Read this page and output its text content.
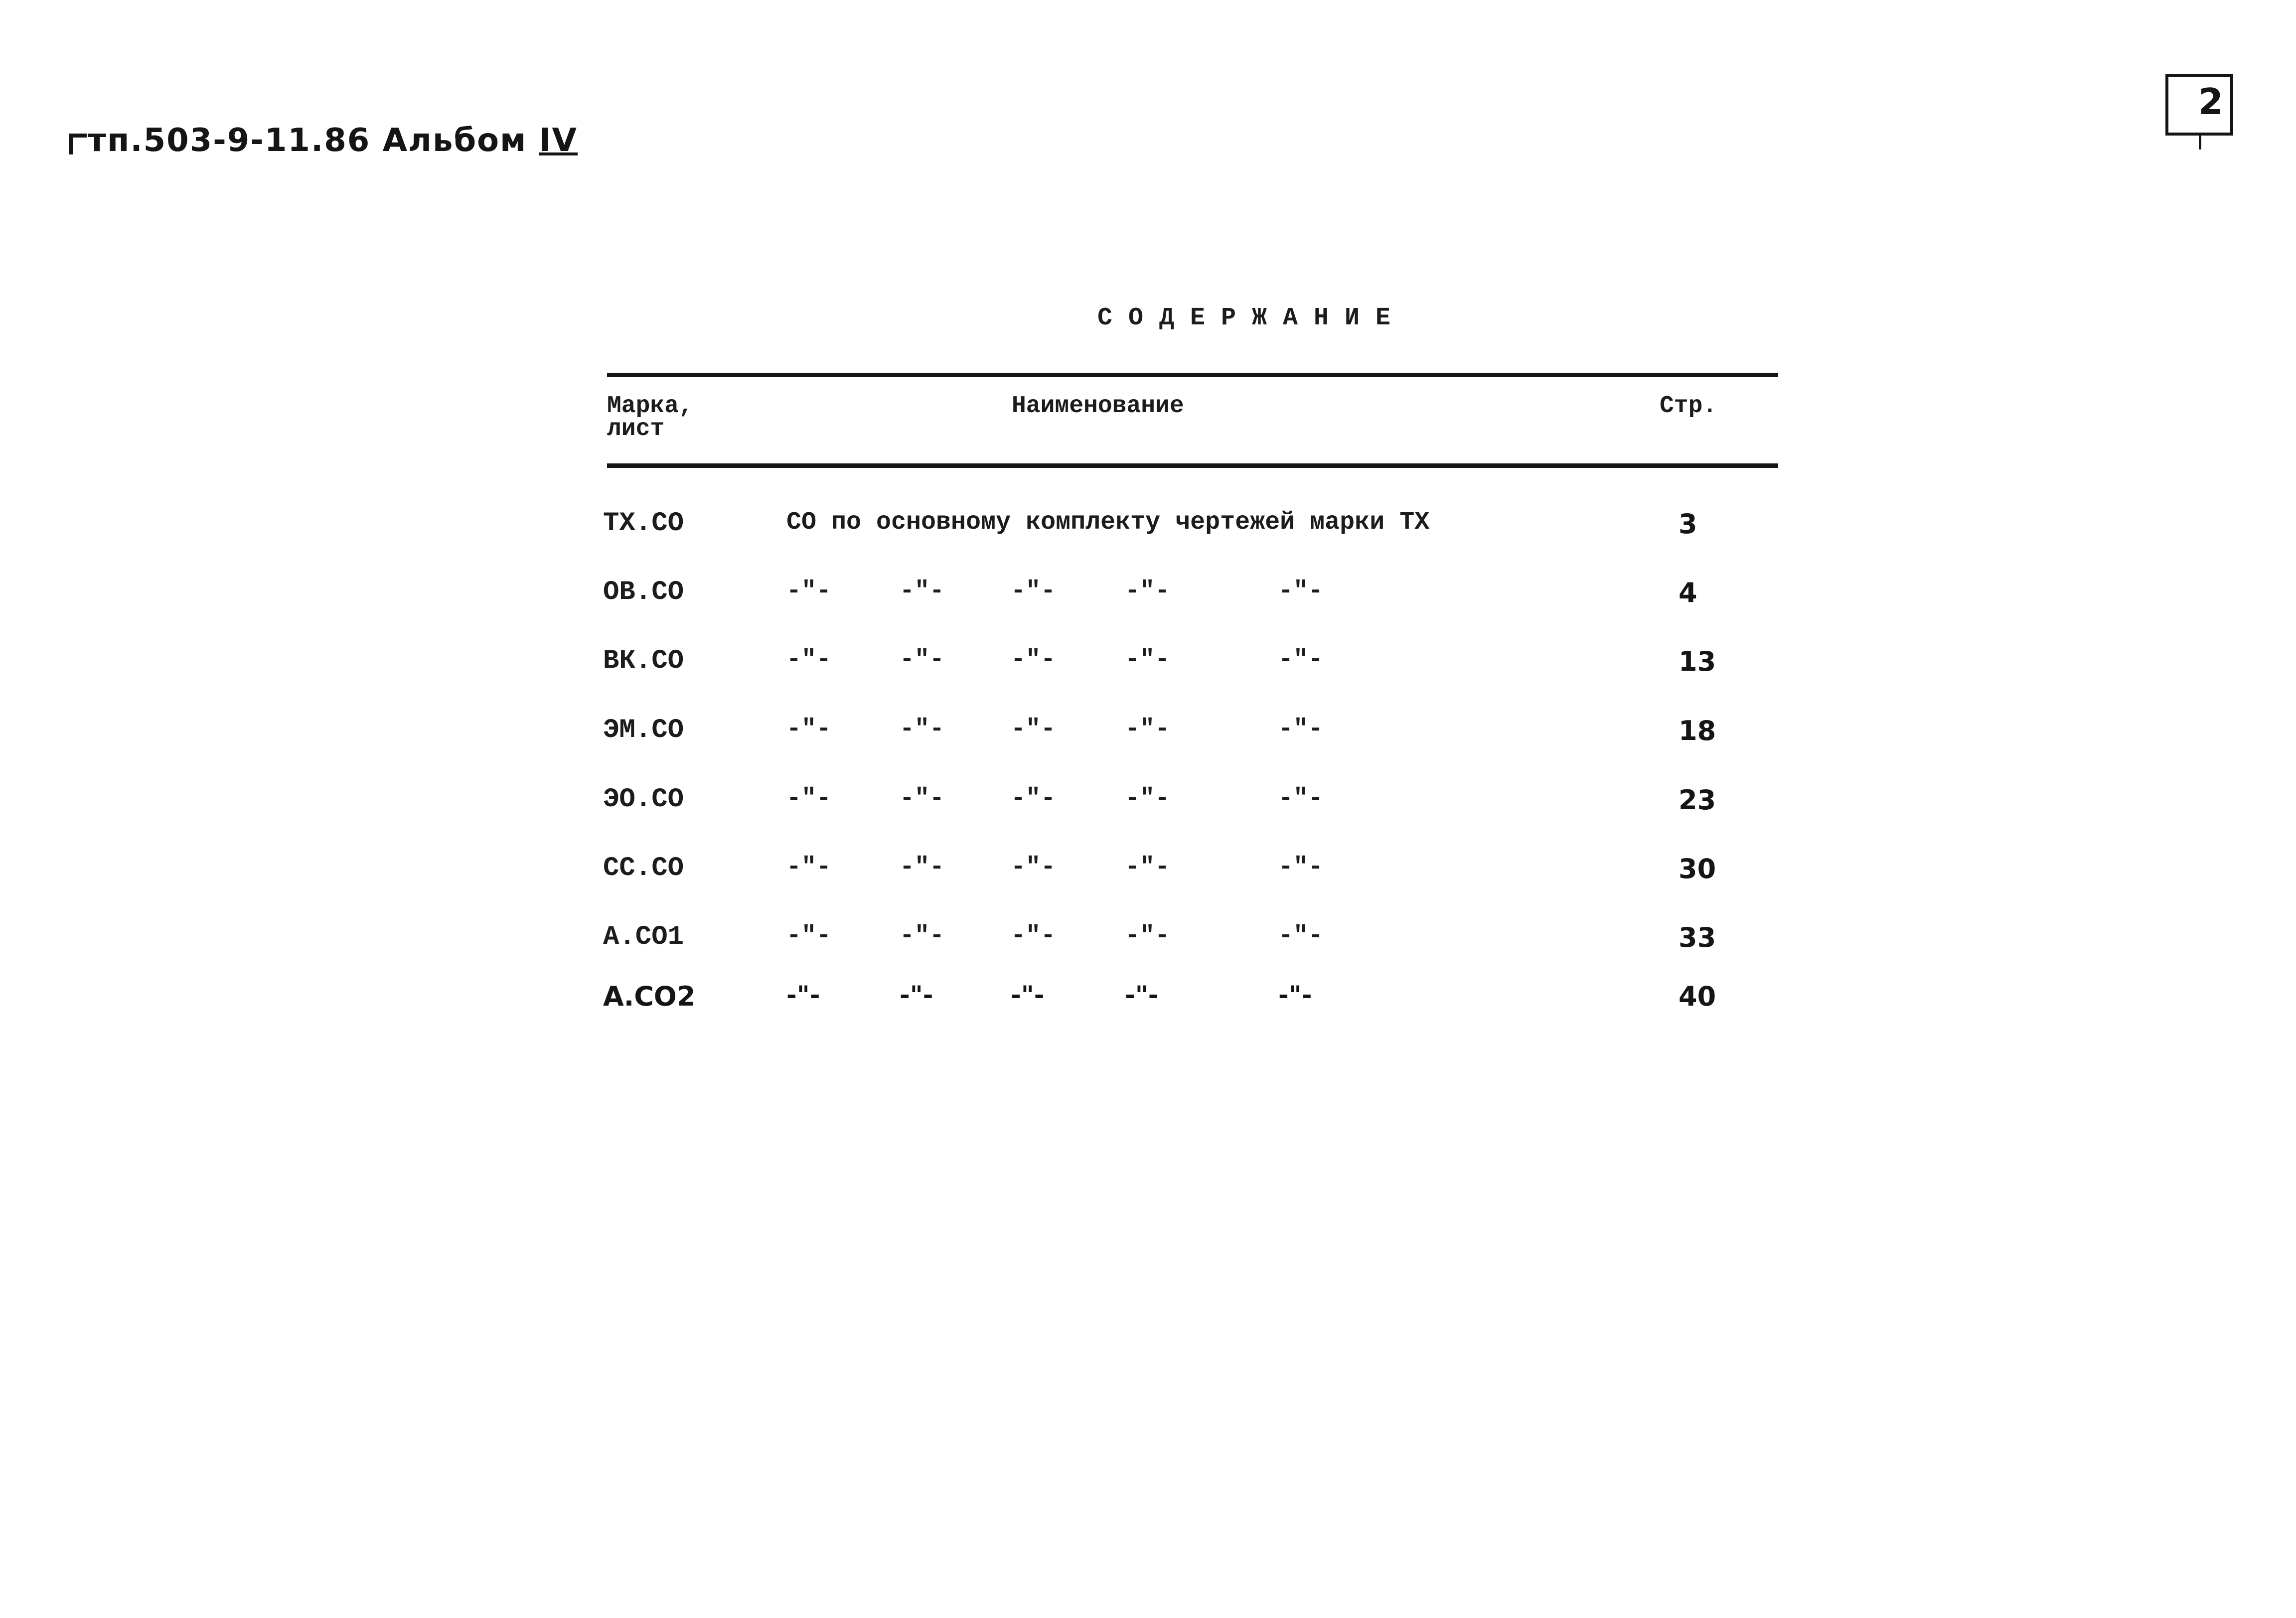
тп.503-9-11.86 Альбом IV
2
СОДЕРЖАНИЕ
Марка, лист
Наименование	Стр.
ТХ.СО	СО по основному комплекту чертежей марки ТХ	3
ОВ.СО	-"-	-"-	-"-	-"-	-"-	4
ВК.СО	-"-	-"-	-"-	-"-	-"-	13
ЭМ.СО	-"-	-"-	-"-	-"-	-"-	18
ЭО.СО	-"-	-"-	-"-	-"-	-"-	23
СС.СО	-"-	-"-	-"-	-"-	-"-	30
А.СО1	-"-	-"-	-"-	-"-	-"-	33
А.СО2	-"-	-"-	-"-	-"-	-"-	40
